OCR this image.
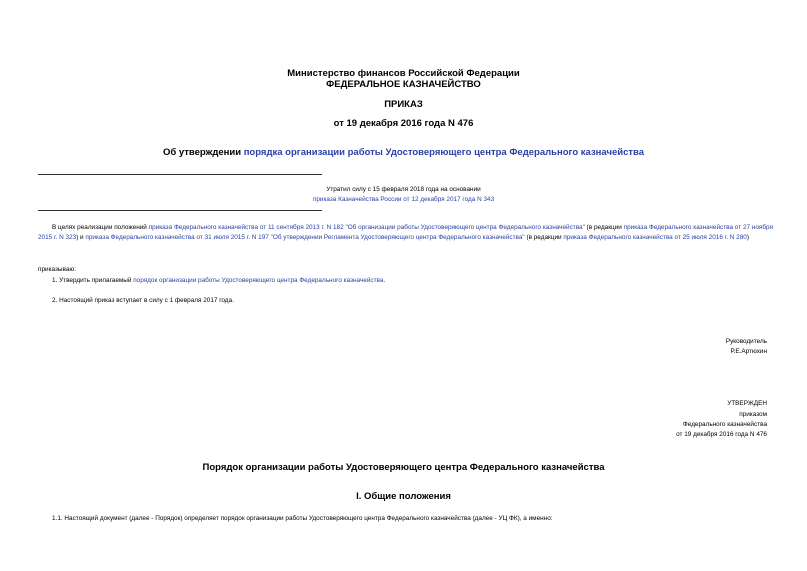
Министерство финансов Российской Федерации

ФЕДЕРАЛЬНОЕ КАЗНАЧЕЙСТВО

ПРИКАЗ

от 19 декабря 2016 года N 476

Об утверждении порядка организации работы Удостоверяющего центра Федерального казначейства

Утратил силу с 15 февраля 2018 года на основании

приказа Казначейства России от 12 декабря 2017 года N 343

В целях реализации положений приказа Федерального казначейства от 11 сентября 2013 г. N 182 "Об организации работы Удостоверяющего центра Федерального казначейства" (в редакции приказа Федерального казначейства от 27 ноября 2015 г. N 323) и приказа Федерального казначейства от 31 июля 2015 г. N 197 "Об утверждении Регламента Удостоверяющего центра Федерального казначейства" (в редакции приказа Федерального казначейства от 25 июля 2016 г. N 280)

приказываю:

1. Утвердить прилагаемый порядок организации работы Удостоверяющего центра Федерального казначейства.

2. Настоящий приказ вступает в силу с 1 февраля 2017 года.

Руководитель

Р.Е.Артюхин

УТВЕРЖДЕН

приказом

Федерального казначейства

от 19 декабря 2016 года N 476

Порядок организации работы Удостоверяющего центра Федерального казначейства

I. Общие положения

1.1. Настоящий документ (далее - Порядок) определяет порядок организации работы Удостоверяющего центра Федерального казначейства (далее - УЦ ФК), а именно:
